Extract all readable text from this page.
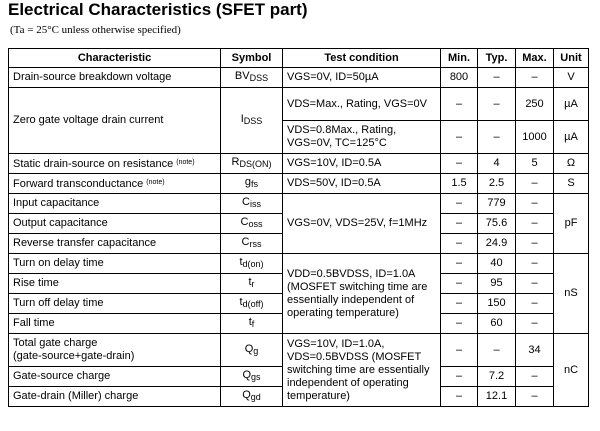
Electrical Characteristics (SFET part)
(Ta = 25°C unless otherwise specified)
Characteristic	Symbol	Test condition	Min.	Typ.	Max.	Unit
Drain-source breakdown voltage	$BV_{DSS}$	VGS=0V, ID=50µA	800	–	–	V
Zero gate voltage drain current	$I_{DSS}$	VDS=Max., Rating, VGS=0V	–	–	250	µA
		VDS=0.8Max., Rating, VGS=0V, TC=125°C	–	–	1000	µA
Static drain-source on resistance $^{(note)}$	$R_{DS(ON)}$	VGS=10V, ID=0.5A	–	4	5	Ω
Forward transconductance $^{(note)}$	$g_{fs}$	VDS=50V, ID=0.5A	1.5	2.5	–	S
Input capacitance	$C_{iss}$	VGS=0V, VDS=25V, f=1MHz	–	779	–	pF
Output capacitance	$C_{oss}$		–	75.6	–	
Reverse transfer capacitance	$C_{rss}$		–	24.9	–	
Turn on delay time	$t_{d(on)}$	VDD=0.5BVDSS, ID=1.0A (MOSFET switching time are essentially independent of operating temperature)	–	40	–	nS
Rise time	$t_r$		–	95	–	
Turn off delay time	$t_{d(off)}$		–	150	–	
Fall time	$t_f$		–	60	–	

Total gate charge
(gate-source+gate-drain)	$Q_g$	VGS=10V, ID=1.0A, VDS=0.5BVDSS (MOSFET switching time are essentially independent of operating temperature)	–	–	34	nC
Gate-source charge	$Q_{gs}$		–	7.2	–	
Gate-drain (Miller) charge	$Q_{gd}$		–	12.1	–	
